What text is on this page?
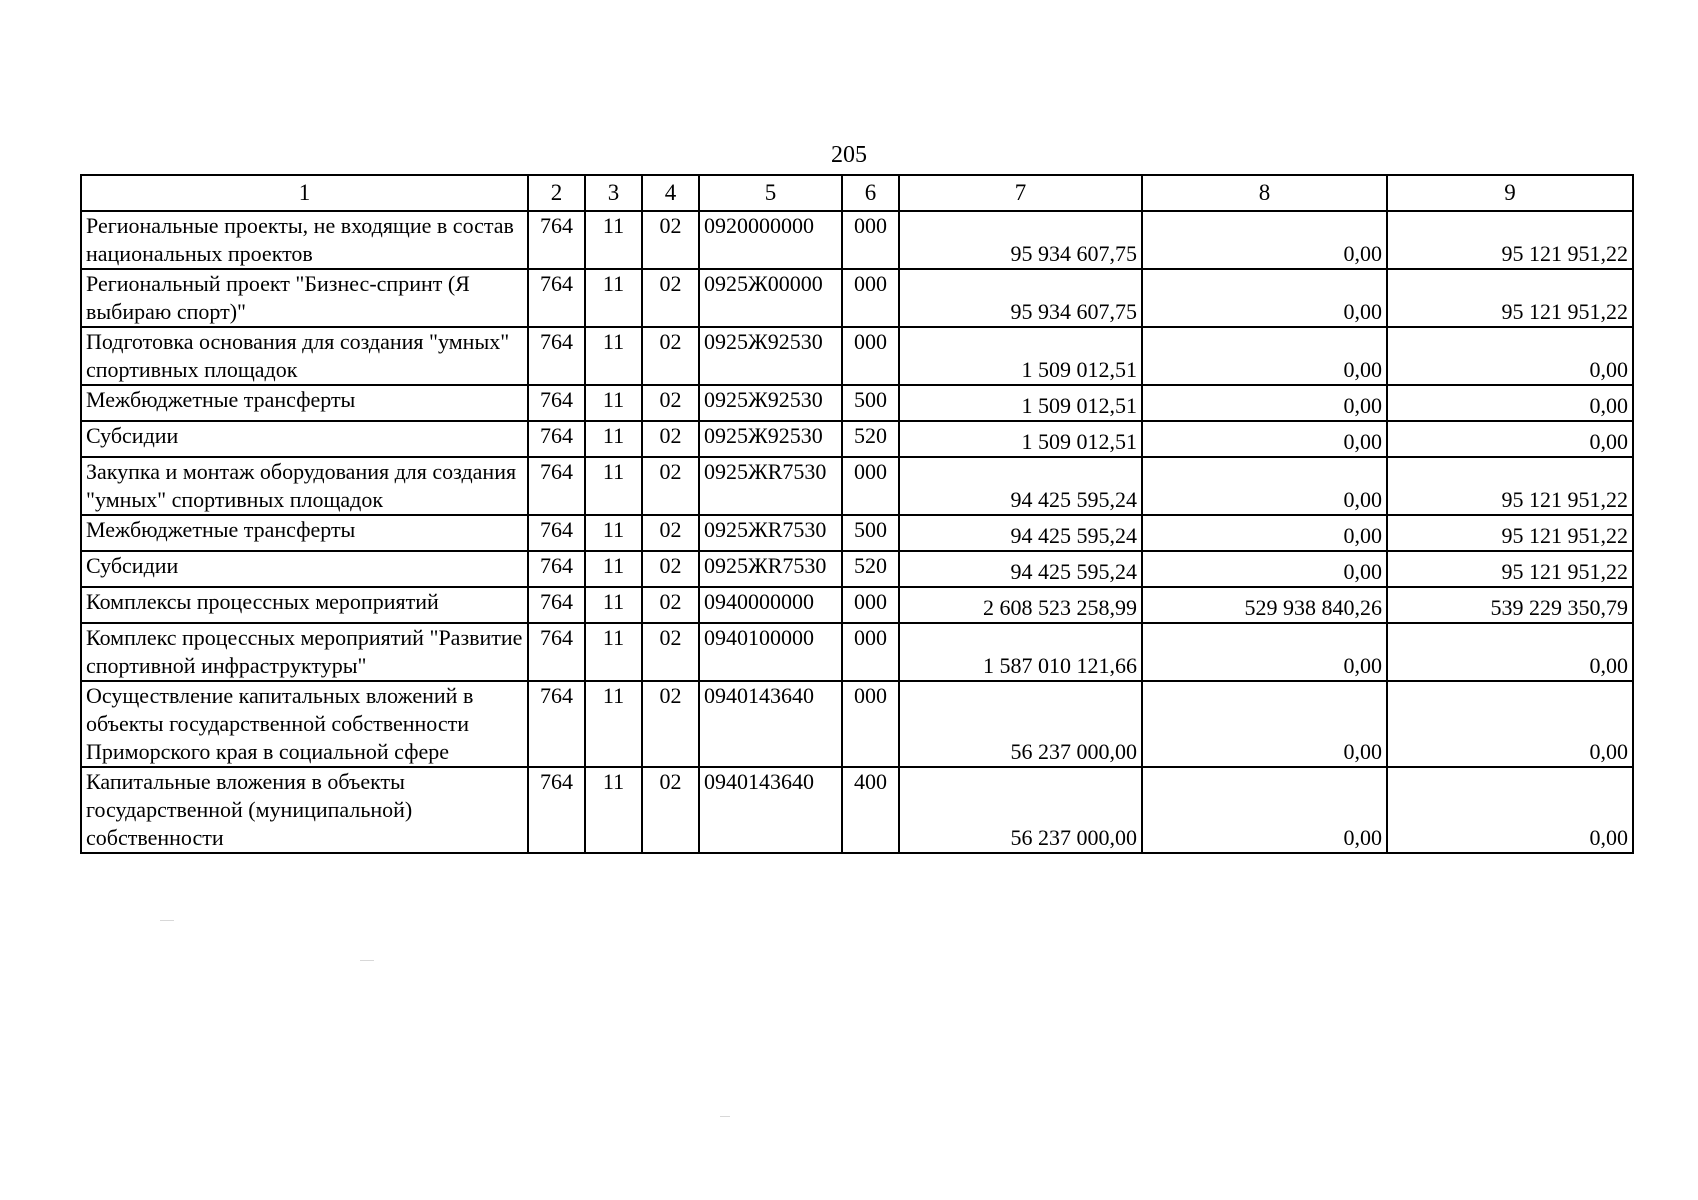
205
1	2	3	4	5	6	7	8	9
Региональные проекты, не входящие в состав национальных проектов	764	11	02	0920000000	000	95 934 607,75	0,00	95 121 951,22
Региональный проект "Бизнес-спринт (Я выбираю спорт)"	764	11	02	0925Ж00000	000	95 934 607,75	0,00	95 121 951,22
Подготовка основания для создания "умных" спортивных площадок	764	11	02	0925Ж92530	000	1 509 012,51	0,00	0,00
Межбюджетные трансферты	764	11	02	0925Ж92530	500	1 509 012,51	0,00	0,00
Субсидии	764	11	02	0925Ж92530	520	1 509 012,51	0,00	0,00
Закупка и монтаж оборудования для создания "умных" спортивных площадок	764	11	02	0925ЖR7530	000	94 425 595,24	0,00	95 121 951,22
Межбюджетные трансферты	764	11	02	0925ЖR7530	500	94 425 595,24	0,00	95 121 951,22
Субсидии	764	11	02	0925ЖR7530	520	94 425 595,24	0,00	95 121 951,22
Комплексы процессных мероприятий	764	11	02	0940000000	000	2 608 523 258,99	529 938 840,26	539 229 350,79
Комплекс процессных мероприятий "Развитие спортивной инфраструктуры"	764	11	02	0940100000	000	1 587 010 121,66	0,00	0,00
Осуществление капитальных вложений в объекты государственной собственности Приморского края в социальной сфере	764	11	02	0940143640	000	56 237 000,00	0,00	0,00
Капитальные вложения в объекты государственной (муниципальной) собственности	764	11	02	0940143640	400	56 237 000,00	0,00	0,00
